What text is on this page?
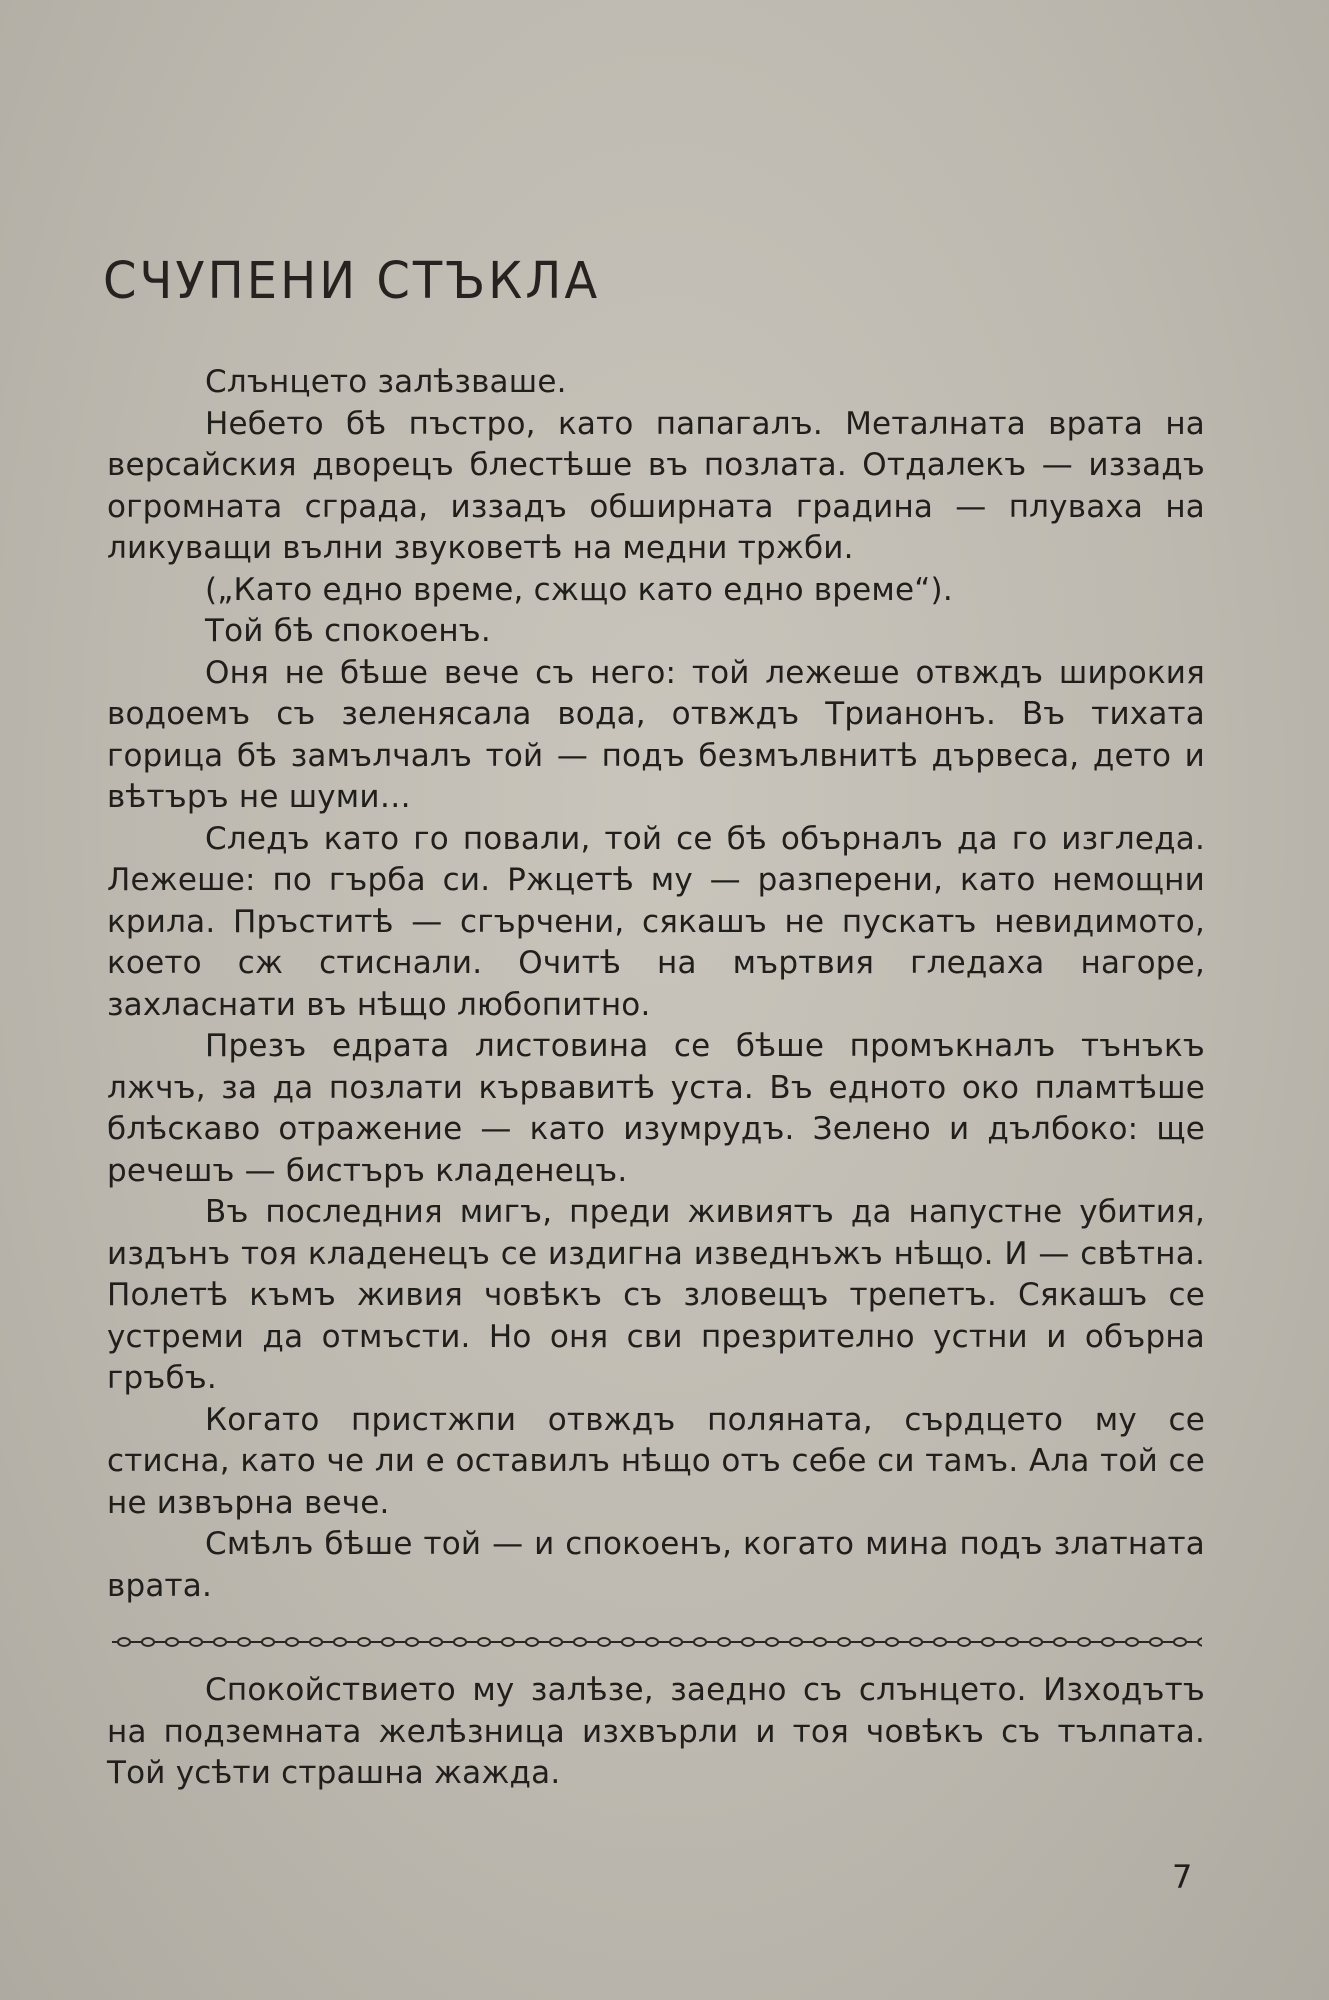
СЧУПЕНИ СТЪКЛА

Слънцето залѣзваше.

Небето бѣ пъстро, като папагалъ. Металната врата на версайския дворецъ блестѣше въ позлата. Отдалекъ — иззадъ огромната сграда, иззадъ обширната градина — плуваха на ликуващи вълни звуковетѣ на медни тржби.

(„Като едно време, сжщо като едно време“).

Той бѣ спокоенъ.

Оня не бѣше вече съ него: той лежеше отвждъ широкия водоемъ съ зеленясала вода, отвждъ Трианонъ. Въ тихата горица бѣ замълчалъ той — подъ безмълвнитѣ дървеса, дето и вѣтъръ не шуми…

Следъ като го повали, той се бѣ обърналъ да го изгледа. Лежеше: по гърба си. Ржцетѣ му — разперени, като немощни крила. Пръститѣ — сгърчени, сякашъ не пускатъ невидимото, което сж стиснали. Очитѣ на мъртвия гледаха нагоре, захласнати въ нѣщо любопитно.

Презъ едрата листовина се бѣше промъкналъ тънъкъ лжчъ, за да позлати кървавитѣ уста. Въ едното око пламтѣше блѣскаво отражение — като изумрудъ. Зелено и дълбоко: ще речешъ — бистъръ кладенецъ.

Въ последния мигъ, преди живиятъ да напустне убития, издънъ тоя кладенецъ се издигна изведнъжъ нѣщо. И — свѣтна. Полетѣ къмъ живия човѣкъ съ зловещъ трепетъ. Сякашъ се устреми да отмъсти. Но оня сви презрително устни и обърна гръбъ.

Когато пристжпи отвждъ поляната, сърдцето му се стисна, като че ли е оставилъ нѣщо отъ себе си тамъ. Ала той се не извърна вече.

Смѣлъ бѣше той — и спокоенъ, когато мина подъ златната врата.

Спокойствието му залѣзе, заедно съ слънцето. Изходътъ на подземната желѣзница изхвърли и тоя човѣкъ съ тълпата. Той усѣти страшна жажда.

7
